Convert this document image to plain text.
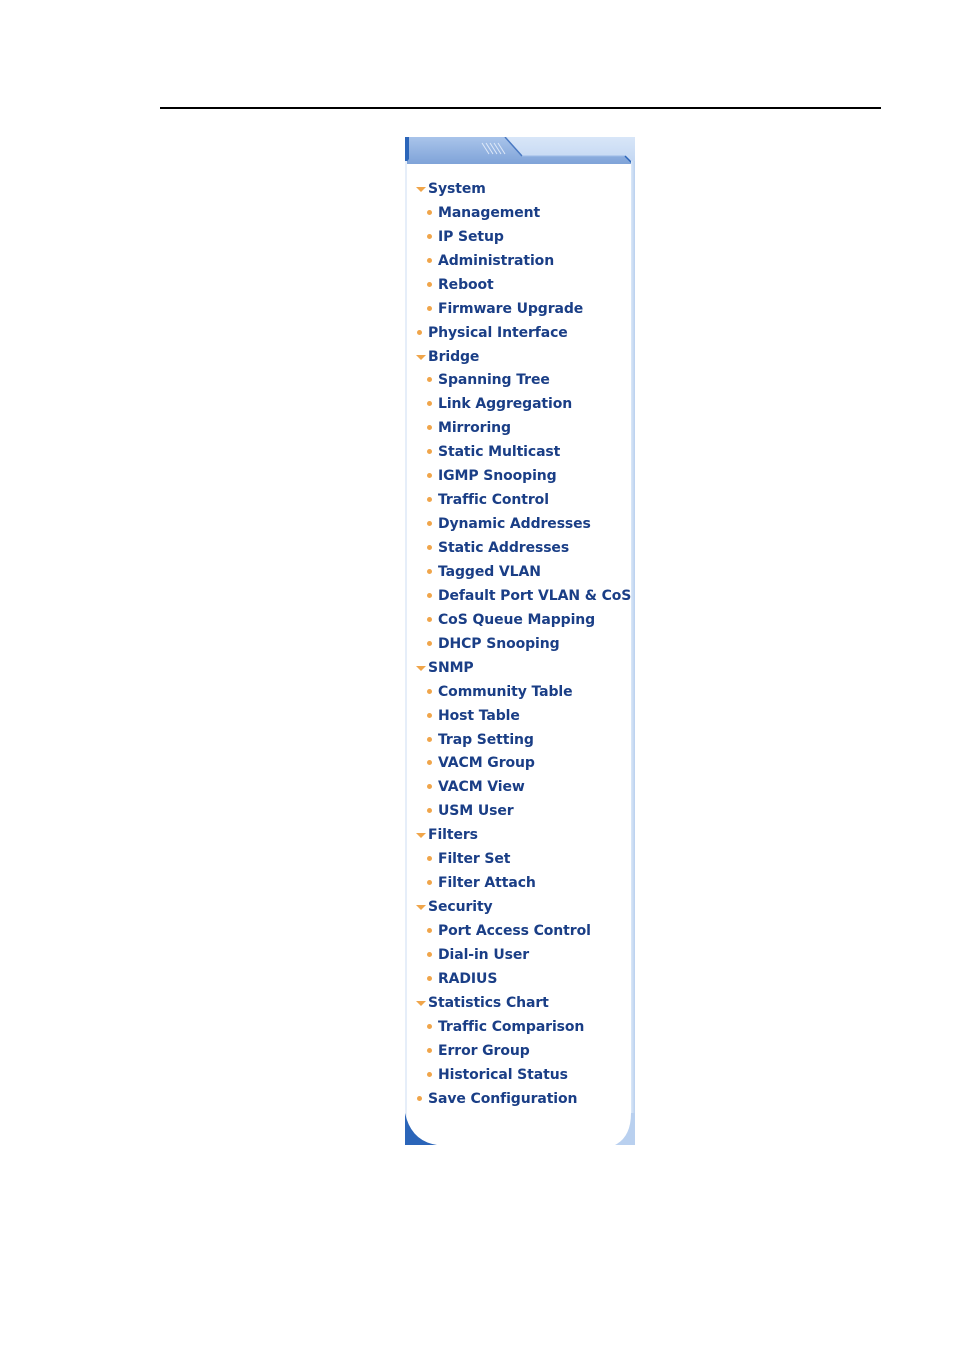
System
Management
IP Setup
Administration
Reboot
Firmware Upgrade
Physical Interface
Bridge
Spanning Tree
Link Aggregation
Mirroring
Static Multicast
IGMP Snooping
Traffic Control
Dynamic Addresses
Static Addresses
Tagged VLAN
Default Port VLAN & CoS
CoS Queue Mapping
DHCP Snooping
SNMP
Community Table
Host Table
Trap Setting
VACM Group
VACM View
USM User
Filters
Filter Set
Filter Attach
Security
Port Access Control
Dial-in User
RADIUS
Statistics Chart
Traffic Comparison
Error Group
Historical Status
Save Configuration
